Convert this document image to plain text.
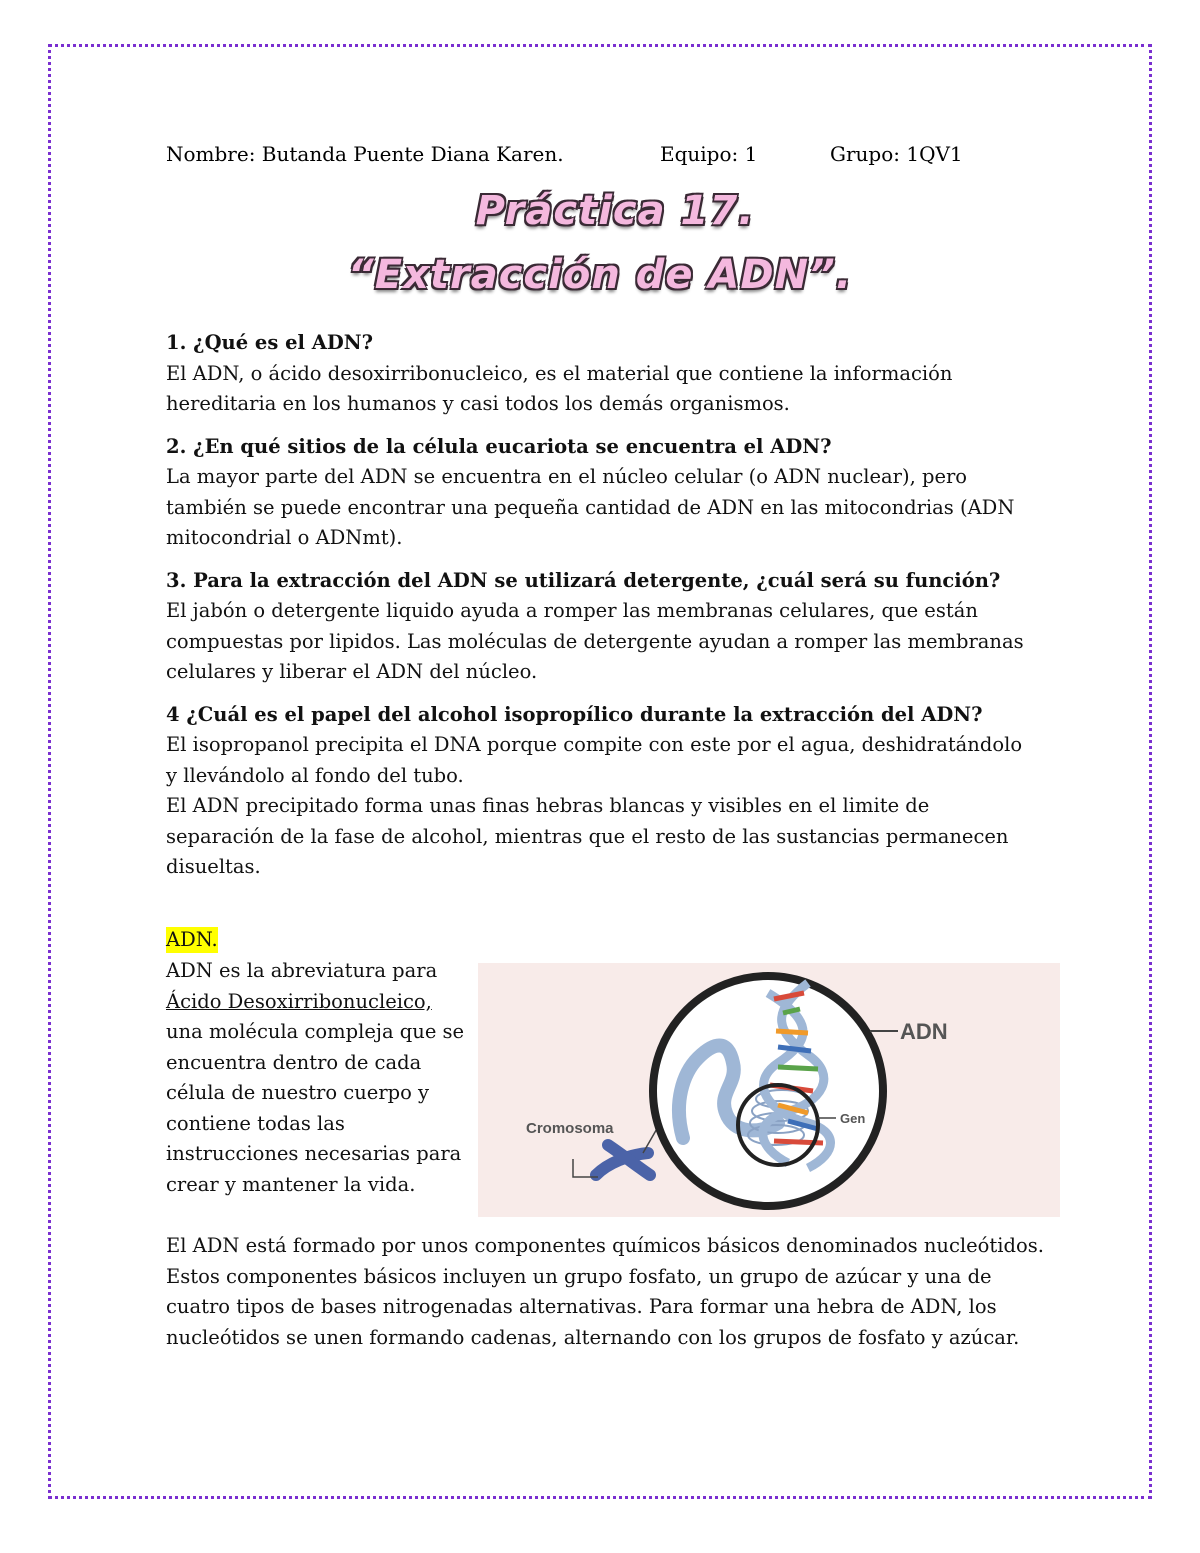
Nombre: Butanda Puente Diana Karen.	Equipo: 1	Grupo: 1QV1
Práctica 17.
“Extracción de ADN”.

1. ¿Qué es el ADN?

El ADN, o ácido desoxirribonucleico, es el material que contiene la información hereditaria en los humanos y casi todos los demás organismos.

2. ¿En qué sitios de la célula eucariota se encuentra el ADN?

La mayor parte del ADN se encuentra en el núcleo celular (o ADN nuclear), pero también se puede encontrar una pequeña cantidad de ADN en las mitocondrias (ADN mitocondrial o ADNmt).

3. Para la extracción del ADN se utilizará detergente, ¿cuál será su función?

El jabón o detergente liquido ayuda a romper las membranas celulares, que están compuestas por lipidos. Las moléculas de detergente ayudan a romper las membranas celulares y liberar el ADN del núcleo.

4 ¿Cuál es el papel del alcohol isopropílico durante la extracción del ADN?

El isopropanol precipita el DNA porque compite con este por el agua, deshidratándolo y llevándolo al fondo del tubo.

El ADN precipitado forma unas finas hebras blancas y visibles en el limite de separación de la fase de alcohol, mientras que el resto de las sustancias permanecen disueltas.

ADN.
ADN es la abreviatura para
Ácido Desoxirribonucleico,
una molécula compleja que se encuentra dentro de cada célula de nuestro cuerpo y contiene todas las instrucciones necesarias para crear y mantener la vida.
ADN
Cromosoma
Gen
El ADN está formado por unos componentes químicos básicos denominados nucleótidos. Estos componentes básicos incluyen un grupo fosfato, un grupo de azúcar y una de cuatro tipos de bases nitrogenadas alternativas. Para formar una hebra de ADN, los nucleótidos se unen formando cadenas, alternando con los grupos de fosfato y azúcar.
